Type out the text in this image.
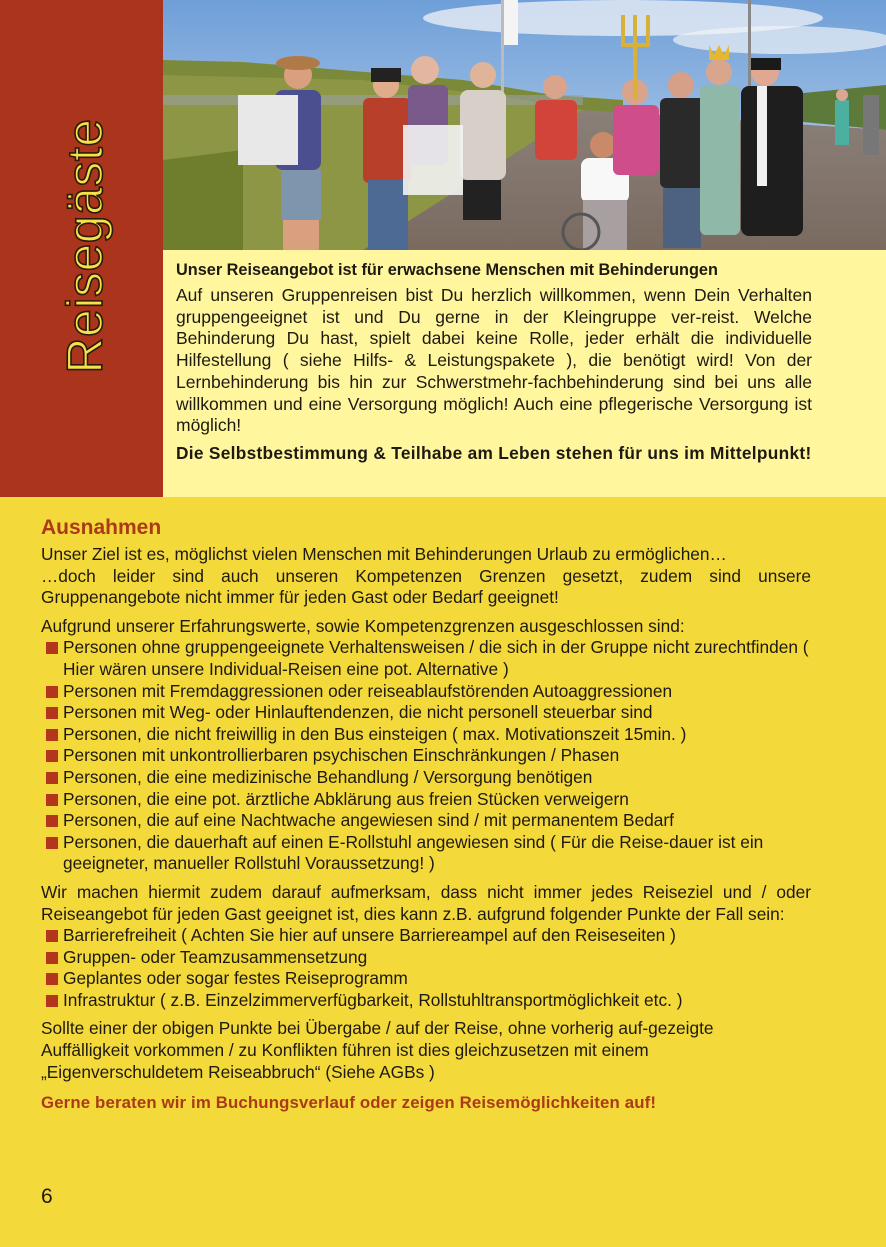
Reisegäste	Unser Reiseangebot ist für erwachsene Menschen mit Behinderungen

Auf unseren Gruppenreisen bist Du herzlich willkommen, wenn Dein Verhalten gruppengeeignet ist und Du gerne in der Kleingruppe ver-reist. Welche Behinderung Du hast, spielt dabei keine Rolle, jeder erhält die individuelle Hilfestellung ( siehe Hilfs- & Leistungspakete ), die benötigt wird! Von der Lernbehinderung bis hin zur Schwerstmehr-fachbehinderung sind bei uns alle willkommen und eine Versorgung möglich! Auch eine pflegerische Versorgung ist möglich!

Die Selbstbestimmung & Teilhabe am Leben stehen für uns im Mittelpunkt!

Ausnahmen

Unser Ziel ist es, möglichst vielen Menschen mit Behinderungen Urlaub zu ermöglichen…

…doch leider sind auch unseren Kompetenzen Grenzen gesetzt, zudem sind unsere Gruppenangebote nicht immer für jeden Gast oder Bedarf geeignet!

Aufgrund unserer Erfahrungswerte, sowie Kompetenzgrenzen ausgeschlossen sind:

Personen ohne gruppengeeignete Verhaltensweisen / die sich in der Gruppe nicht zurechtfinden ( Hier wären unsere Individual-Reisen eine pot. Alternative )
Personen mit Fremdaggressionen oder reiseablaufstörenden Autoaggressionen
Personen mit Weg- oder Hinlauftendenzen, die nicht personell steuerbar sind
Personen, die nicht freiwillig in den Bus einsteigen ( max. Motivationszeit 15min. )
Personen mit unkontrollierbaren psychischen Einschränkungen / Phasen
Personen, die eine medizinische Behandlung / Versorgung benötigen
Personen, die eine pot. ärztliche Abklärung aus freien Stücken verweigern
Personen, die auf eine Nachtwache angewiesen sind / mit permanentem Bedarf
Personen, die dauerhaft auf einen E-Rollstuhl angewiesen sind ( Für die Reise-dauer ist ein geeigneter, manueller Rollstuhl Voraussetzung! )

Wir machen hiermit zudem darauf aufmerksam, dass nicht immer jedes Reiseziel und / oder Reiseangebot für jeden Gast geeignet ist, dies kann z.B. aufgrund folgender Punkte der Fall sein:

Barrierefreiheit ( Achten Sie hier auf unsere Barriereampel auf den Reiseseiten )
Gruppen- oder Teamzusammensetzung
Geplantes oder sogar festes Reiseprogramm
Infrastruktur ( z.B. Einzelzimmerverfügbarkeit, Rollstuhltransportmöglichkeit etc. )

Sollte einer der obigen Punkte bei Übergabe / auf der Reise, ohne vorherig auf-gezeigte Auffälligkeit vorkommen / zu Konflikten führen ist dies gleichzusetzen mit einem „Eigenverschuldetem Reiseabbruch“ (Siehe AGBs )

Gerne beraten wir im Buchungsverlauf oder zeigen Reisemöglichkeiten auf!

6
